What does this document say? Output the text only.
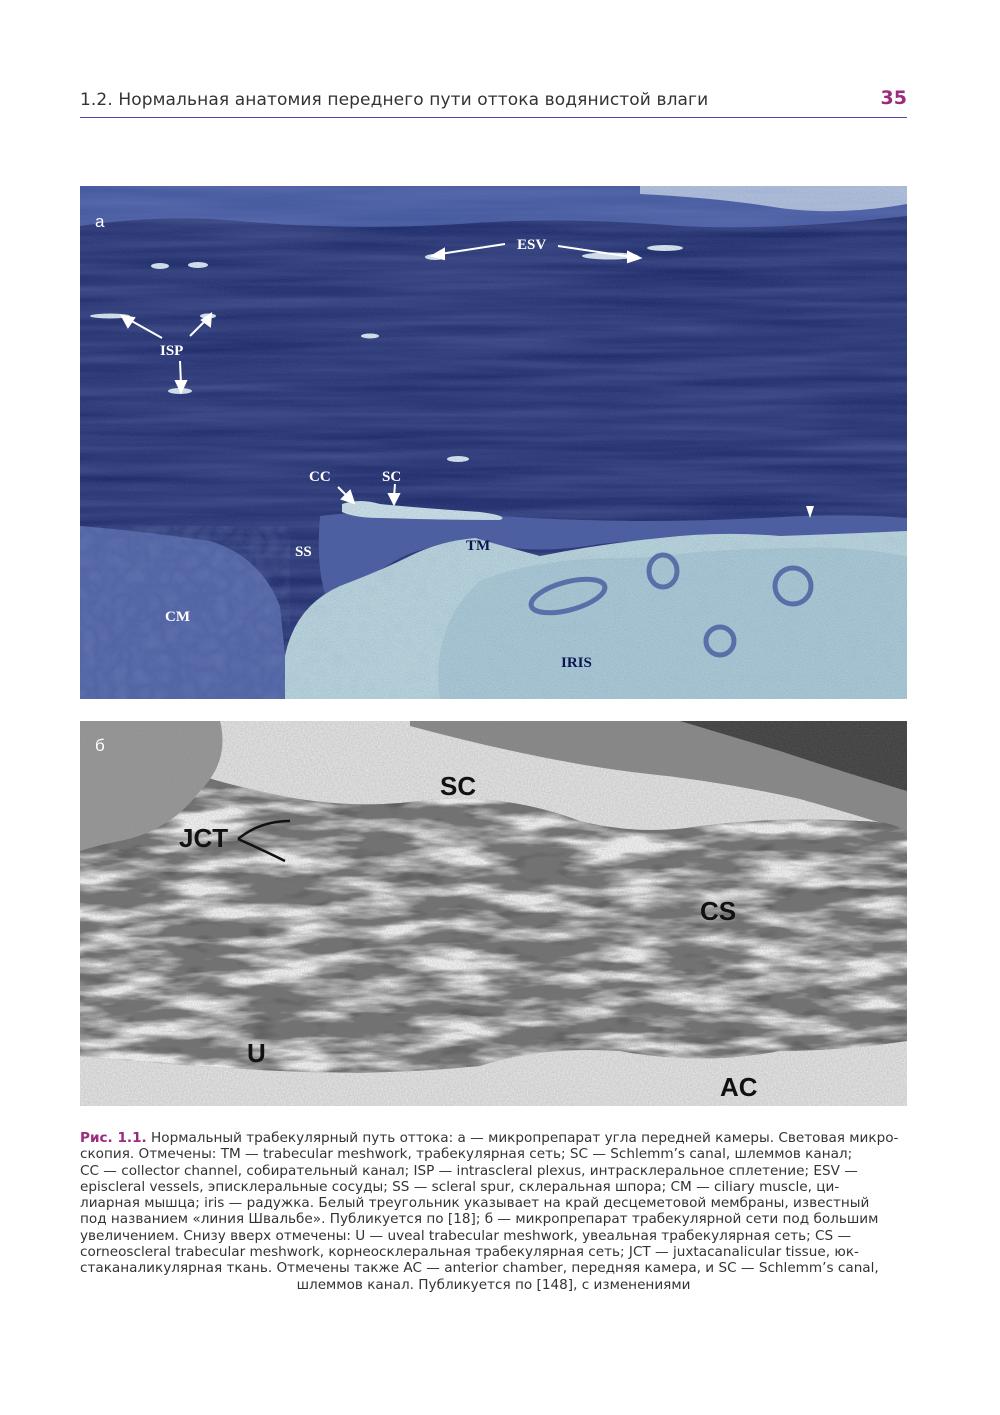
1.2. Нормальная анатомия переднего пути оттока водянистой влаги	35
а
ESV
ISP
CC	SC
SS	TM
CM
IRIS
б
SC
JCT
CS
U
AC
Рис. 1.1. Нормальный трабекулярный путь оттока: а — микропрепарат угла передней камеры. Световая микро-
скопия. Отмечены: TM — trabecular meshwork, трабекулярная сеть; SC — Schlemm’s canal, шлеммов канал;
CC — collector channel, собирательный канал; ISP — intrascleral plexus, интрасклеральное сплетение; ESV —
episcleral vessels, эписклеральные сосуды; SS — scleral spur, склеральная шпора; CM — ciliary muscle, ци-
лиарная мышца; iris — радужка. Белый треугольник указывает на край десцеметовой мембраны, известный
под названием «линия Швальбе». Публикуется по [18]; б — микропрепарат трабекулярной сети под большим
увеличением. Снизу вверх отмечены: U — uveal trabecular meshwork, увеальная трабекулярная сеть; CS —
corneoscleral trabecular meshwork, корнеосклеральная трабекулярная сеть; JCT — juxtacanalicular tissue, юк-
стаканаликулярная ткань. Отмечены также AC — anterior chamber, передняя камера, и SC — Schlemm’s canal,
шлеммов канал. Публикуется по [148], с изменениями
